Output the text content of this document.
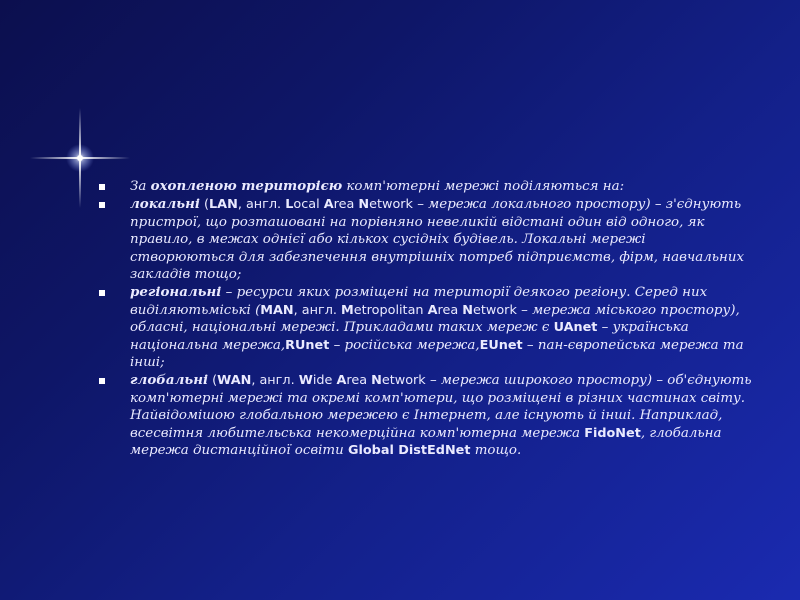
За охопленою територією комп'ютерні мережі поділяються на:
локальні (LAN, англ. Local Area Network – мережа локального простору) – з'єднують пристрої, що розташовані на порівняно невеликій відстані один від одного, як правило, в межах однієї або кількох сусідніх будівель. Локальні мережі створюються для забезпечення внутрішніх потреб підприємств, фірм, навчальних закладів тощо;
регіональні – ресурси яких розміщені на території деякого регіону. Серед них виділяютьміські (MAN, англ. Metropolitan Area Network – мережа міського простору), обласні, національні мережі. Прикладами таких мереж є UAnet – українська національна мережа,RUnet – російська мережа,EUnet – пан-європейська мережа та інші;
глобальні (WAN, англ. Wide Area Network – мережа широкого простору) – об'єднують комп'ютерні мережі та окремі комп'ютери, що розміщені в різних частинах світу. Найвідомішою глобальною мережею є Інтернет, але існують й інші. Наприклад, всесвітня любительська некомерційна комп'ютерна мережа FidoNet, глобальна мережа дистанційної освіти Global DistEdNet тощо.
